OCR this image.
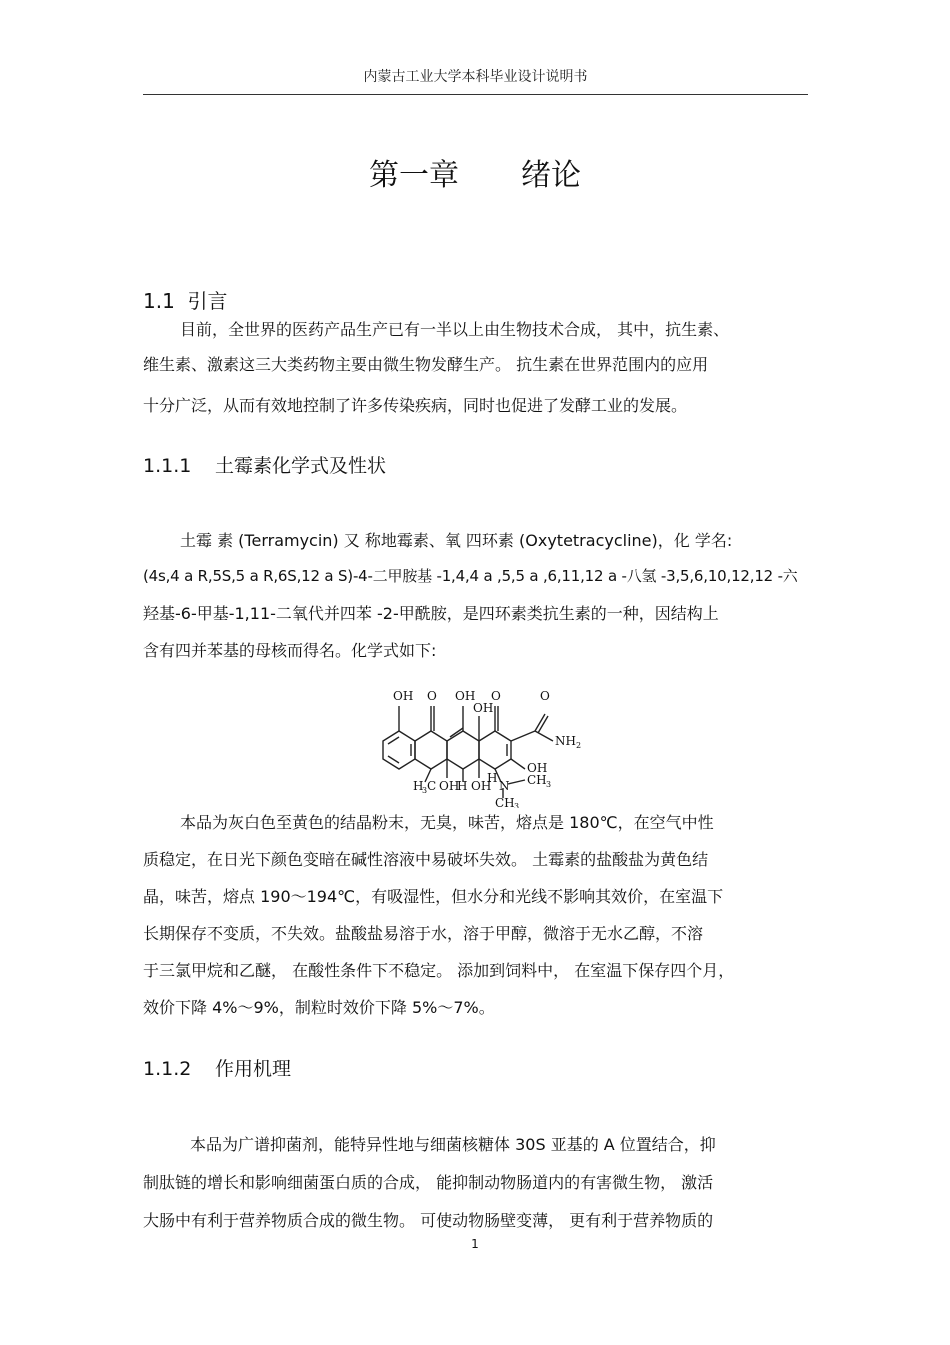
内蒙古工业大学本科毕业设计说明书
第一章 绪论
1.1 引言
目前，全世界的医药产品生产已有一半以上由生物技术合成， 其中，抗生素、
维生素、激素这三大类药物主要由微生物发酵生产。 抗生素在世界范围内的应用
十分广泛，从而有效地控制了许多传染疾病，同时也促进了发酵工业的发展。
1.1.1 土霉素化学式及性状
土霉 素 (Terramycin) 又 称地霉素、氧 四环素 (Oxytetracycline)，化 学名:
(4s,4 a R,5S,5 a R,6S,12 a S)-4-二甲胺基 -1,4,4 a ,5,5 a ,6,11,12 a -八氢 -3,5,6,10,12,12 -六
羟基-6-甲基-1,11-二氧代并四苯 -2-甲酰胺，是四环素类抗生素的一种，因结构上
含有四并苯基的母核而得名。化学式如下:
OH O OH
OH
O	O
NH 2
OH
H
3 C OH
H OH
H
N CH 3
CH 3
本品为灰白色至黄色的结晶粉末，无臭，味苦，熔点是 180℃，在空气中性
质稳定，在日光下颜色变暗在碱性溶液中易破坏失效。 土霉素的盐酸盐为黄色结
晶，味苦，熔点 190～194℃，有吸湿性，但水分和光线不影响其效价，在室温下
长期保存不变质，不失效。盐酸盐易溶于水，溶于甲醇，微溶于无水乙醇，不溶
于三氯甲烷和乙醚， 在酸性条件下不稳定。 添加到饲料中， 在室温下保存四个月，
效价下降 4%～9%，制粒时效价下降 5%～7%。
1.1.2 作用机理
本品为广谱抑菌剂，能特异性地与细菌核糖体 30S 亚基的 A 位置结合，抑
制肽链的增长和影响细菌蛋白质的合成， 能抑制动物肠道内的有害微生物， 激活
大肠中有利于营养物质合成的微生物。 可使动物肠壁变薄， 更有利于营养物质的
1
